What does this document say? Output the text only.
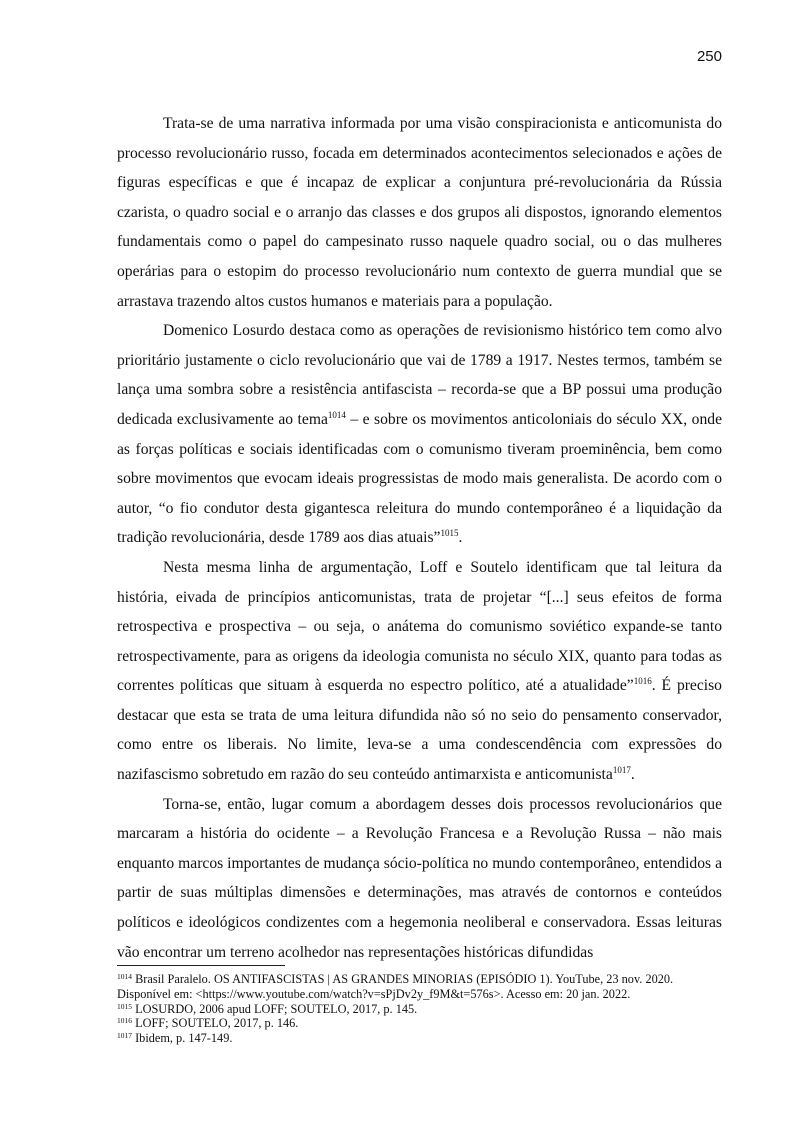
250

Trata-se de uma narrativa informada por uma visão conspiracionista e anticomunista do processo revolucionário russo, focada em determinados acontecimentos selecionados e ações de figuras específicas e que é incapaz de explicar a conjuntura pré-revolucionária da Rússia czarista, o quadro social e o arranjo das classes e dos grupos ali dispostos, ignorando elementos fundamentais como o papel do campesinato russo naquele quadro social, ou o das mulheres operárias para o estopim do processo revolucionário num contexto de guerra mundial que se arrastava trazendo altos custos humanos e materiais para a população.

Domenico Losurdo destaca como as operações de revisionismo histórico tem como alvo prioritário justamente o ciclo revolucionário que vai de 1789 a 1917. Nestes termos, também se lança uma sombra sobre a resistência antifascista – recorda-se que a BP possui uma produção dedicada exclusivamente ao tema$^{1014}$ – e sobre os movimentos anticoloniais do século XX, onde as forças políticas e sociais identificadas com o comunismo tiveram proeminência, bem como sobre movimentos que evocam ideais progressistas de modo mais generalista. De acordo com o autor, “o fio condutor desta gigantesca releitura do mundo contemporâneo é a liquidação da tradição revolucionária, desde 1789 aos dias atuais”$^{1015}$.

Nesta mesma linha de argumentação, Loff e Soutelo identificam que tal leitura da história, eivada de princípios anticomunistas, trata de projetar “[...] seus efeitos de forma retrospectiva e prospectiva – ou seja, o anátema do comunismo soviético expande-se tanto retrospectivamente, para as origens da ideologia comunista no século XIX, quanto para todas as correntes políticas que situam à esquerda no espectro político, até a atualidade”$^{1016}$. É preciso destacar que esta se trata de uma leitura difundida não só no seio do pensamento conservador, como entre os liberais. No limite, leva-se a uma condescendência com expressões do nazifascismo sobretudo em razão do seu conteúdo antimarxista e anticomunista$^{1017}$.

Torna-se, então, lugar comum a abordagem desses dois processos revolucionários que marcaram a história do ocidente – a Revolução Francesa e a Revolução Russa – não mais enquanto marcos importantes de mudança sócio-política no mundo contemporâneo, entendidos a partir de suas múltiplas dimensões e determinações, mas através de contornos e conteúdos políticos e ideológicos condizentes com a hegemonia neoliberal e conservadora. Essas leituras vão encontrar um terreno acolhedor nas representações históricas difundidas

$^{1014}$ Brasil Paralelo. OS ANTIFASCISTAS | AS GRANDES MINORIAS (EPISÓDIO 1). YouTube, 23 nov. 2020. Disponível em: <https://www.youtube.com/watch?v=sPjDv2y_f9M&t=576s>. Acesso em: 20 jan. 2022.

$^{1015}$ LOSURDO, 2006 apud LOFF; SOUTELO, 2017, p. 145.

$^{1016}$ LOFF; SOUTELO, 2017, p. 146.

$^{1017}$ Ibidem, p. 147-149.
